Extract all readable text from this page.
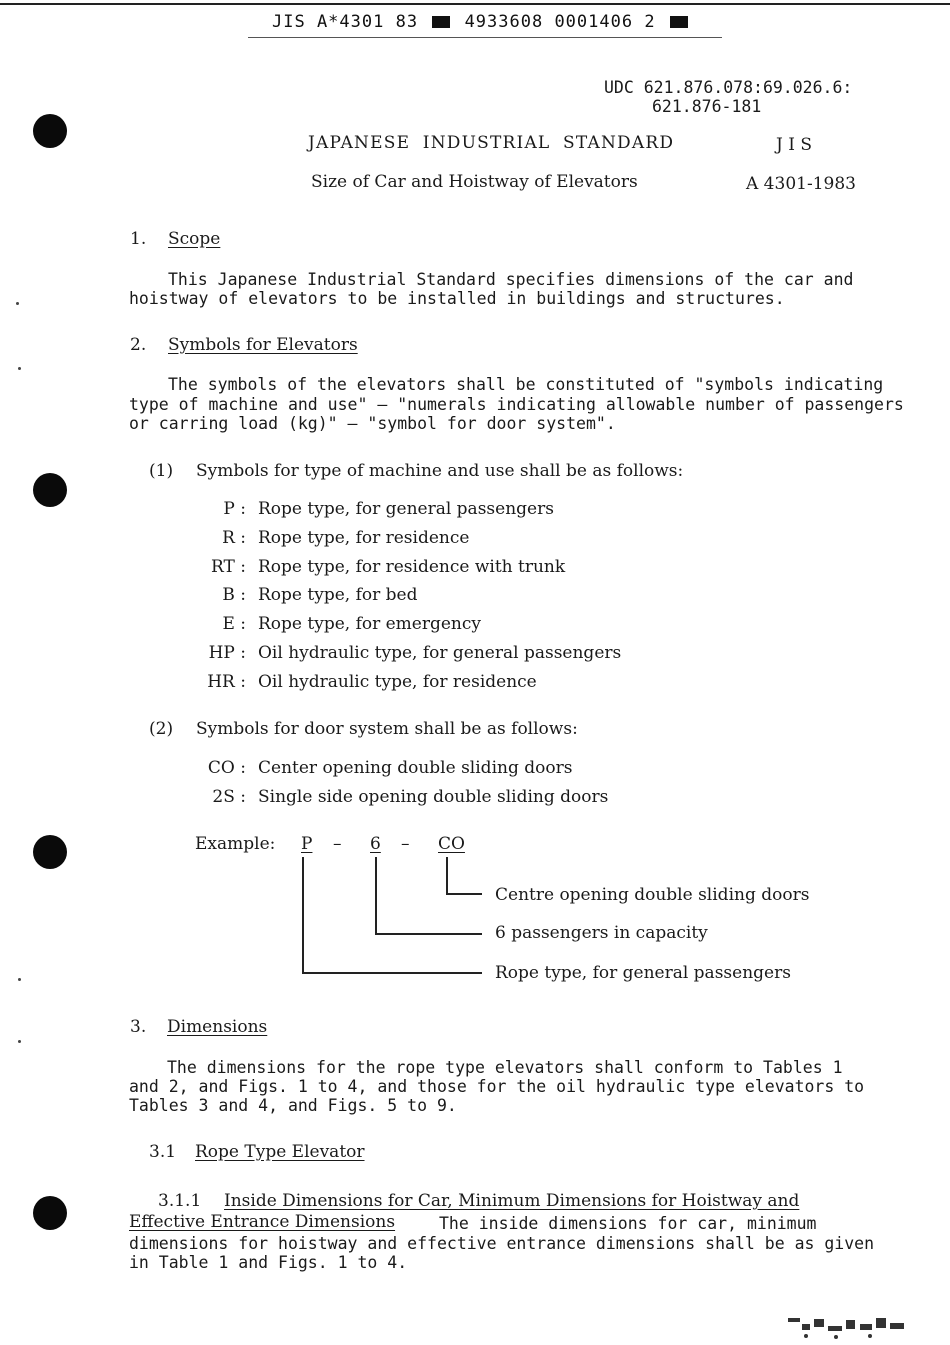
JIS A*4301 83	4933608 0001406 2
UDC 621.876.078:69.026.6:
621.876-181
JAPANESE INDUSTRIAL STANDARD	J I S
Size of Car and Hoistway of Elevators	A 4301-1983
1. Scope
This Japanese Industrial Standard specifies dimensions of the car and
hoistway of elevators to be installed in buildings and structures.
2. Symbols for Elevators
The symbols of the elevators shall be constituted of "symbols indicating
type of machine and use" — "numerals indicating allowable number of passengers
or carring load (kg)" — "symbol for door system".
(1) Symbols for type of machine and use shall be as follows:
P : Rope type, for general passengers
R : Rope type, for residence
RT : Rope type, for residence with trunk
B : Rope type, for bed
E : Rope type, for emergency
HP : Oil hydraulic type, for general passengers
HR : Oil hydraulic type, for residence
(2) Symbols for door system shall be as follows:
CO : Center opening double sliding doors
2S : Single side opening double sliding doors
Example: P – 6 – CO
Centre opening double sliding doors
6 passengers in capacity
Rope type, for general passengers
3. Dimensions
The dimensions for the rope type elevators shall conform to Tables 1
and 2, and Figs. 1 to 4, and those for the oil hydraulic type elevators to
Tables 3 and 4, and Figs. 5 to 9.
3.1 Rope Type Elevator
3.1.1 Inside Dimensions for Car, Minimum Dimensions for Hoistway and
Effective Entrance Dimensions	The inside dimensions for car, minimum
dimensions for hoistway and effective entrance dimensions shall be as given
in Table 1 and Figs. 1 to 4.
